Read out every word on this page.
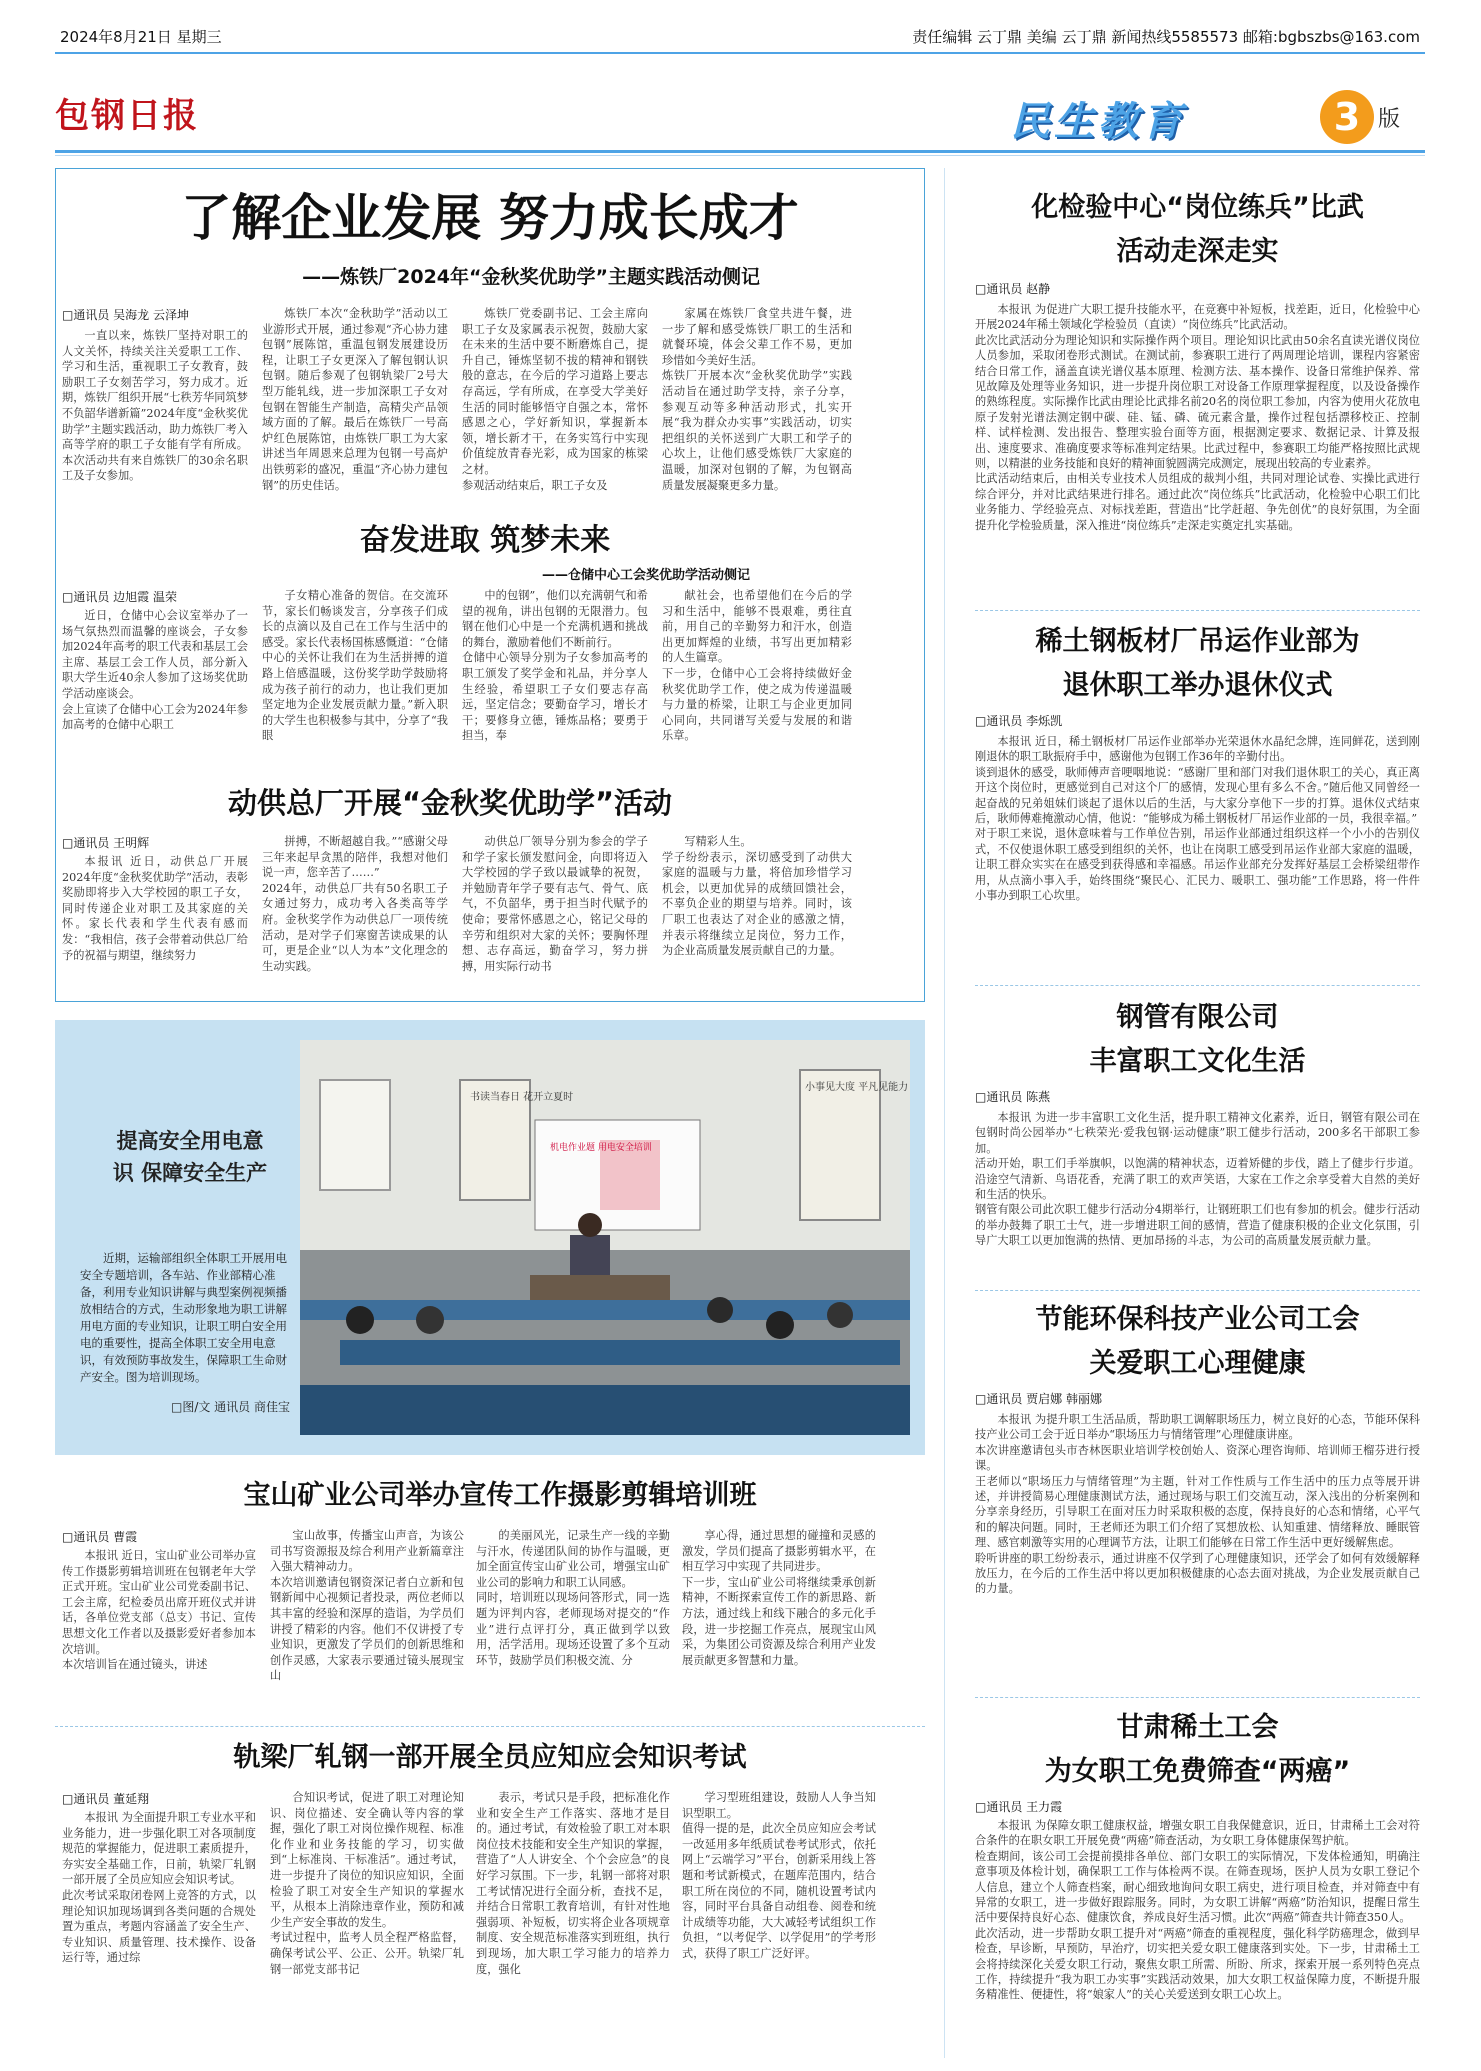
2024年8月21日 星期三	责任编辑 云丁鼎 美编 云丁鼎 新闻热线5585573 邮箱:bgbszbs@163.com
包钢日报	民生教育	3 版
了解企业发展 努力成长成才
——炼铁厂2024年“金秋奖优助学”主题实践活动侧记
□通讯员 吴海龙 云泽坤

一直以来，炼铁厂坚持对职工的人文关怀，持续关注关爱职工工作、学习和生活，重视职工子女教育，鼓励职工子女刻苦学习，努力成才。近期，炼铁厂组织开展“七秩芳华同筑梦 不负韶华谱新篇”2024年度“金秋奖优助学”主题实践活动，助力炼铁厂考入高等学府的职工子女能有学有所成。本次活动共有来自炼铁厂的30余名职工及子女参加。

炼铁厂本次“金秋助学”活动以工业游形式开展，通过参观“齐心协力建包钢”展陈馆，重温包钢发展建设历程，让职工子女更深入了解包钢认识包钢。随后参观了包钢轨梁厂2号大型万能轧线，进一步加深职工子女对包钢在智能生产制造，高精尖产品领域方面的了解。最后在炼铁厂一号高炉红色展陈馆，由炼铁厂职工为大家讲述当年周恩来总理为包钢一号高炉出铁剪彩的盛况，重温“齐心协力建包钢”的历史佳话。

炼铁厂党委副书记、工会主席向职工子女及家属表示祝贺，鼓励大家在未来的生活中要不断磨炼自己，提升自己，锤炼坚韧不拔的精神和钢铁般的意志，在今后的学习道路上要志存高远，学有所成，在享受大学美好生活的同时能够悟守自强之本，常怀感恩之心，学好新知识，掌握新本领，增长新才干，在务实笃行中实现价值绽放青春光彩，成为国家的栋梁之材。
参观活动结束后，职工子女及

家属在炼铁厂食堂共进午餐，进一步了解和感受炼铁厂职工的生活和就餐环境，体会父辈工作不易，更加珍惜如今美好生活。
炼铁厂开展本次“金秋奖优助学”实践活动旨在通过助学支持，亲子分享，参观互动等多种活动形式，扎实开展“我为群众办实事”实践活动，切实把组织的关怀送到广大职工和学子的心坎上，让他们感受炼铁厂大家庭的温暖，加深对包钢的了解，为包钢高质量发展凝聚更多力量。

奋发进取 筑梦未来
——仓储中心工会奖优助学活动侧记
□通讯员 边旭霞 温荣

近日，仓储中心会议室举办了一场气氛热烈而温馨的座谈会，子女参加2024年高考的职工代表和基层工会主席、基层工会工作人员，部分新入职大学生近40余人参加了这场奖优助学活动座谈会。
会上宣读了仓储中心工会为2024年参加高考的仓储中心职工

子女精心准备的贺信。在交流环节，家长们畅谈发言，分享孩子们成长的点滴以及自己在工作与生活中的感受。家长代表杨国栋感慨道：“仓储中心的关怀让我们在为生活拼搏的道路上倍感温暖，这份奖学助学鼓励将成为孩子前行的动力，也让我们更加坚定地为企业发展贡献力量。”新入职的大学生也积极参与其中，分享了“我眼

中的包钢”，他们以充满朝气和希望的视角，讲出包钢的无限潜力。包钢在他们心中是一个充满机遇和挑战的舞台，激励着他们不断前行。
仓储中心领导分别为子女参加高考的职工颁发了奖学金和礼品，并分享人生经验，希望职工子女们要志存高远，坚定信念；要勤奋学习，增长才干；要修身立德，锤炼品格；要勇于担当，奉

献社会，也希望他们在今后的学习和生活中，能够不畏艰难，勇往直前，用自己的辛勤努力和汗水，创造出更加辉煌的业绩，书写出更加精彩的人生篇章。
下一步，仓储中心工会将持续做好金秋奖优助学工作，使之成为传递温暖与力量的桥梁，让职工与企业更加同心同向，共同谱写关爱与发展的和谐乐章。

动供总厂开展“金秋奖优助学”活动
□通讯员 王明辉

本报讯 近日，动供总厂开展2024年度“金秋奖优助学”活动，表彰奖励即将步入大学校园的职工子女，同时传递企业对职工及其家庭的关怀。家长代表和学生代表有感而发：“我相信，孩子会带着动供总厂给予的祝福与期望，继续努力

拼搏，不断超越自我。”“感谢父母三年来起早贪黑的陪伴，我想对他们说一声，您辛苦了……”
2024年，动供总厂共有50名职工子女通过努力，成功考入各类高等学府。金秋奖学作为动供总厂一项传统活动，是对学子们寒窗苦读成果的认可，更是企业“以人为本”文化理念的生动实践。

动供总厂领导分别为参会的学子和学子家长颁发慰问金，向即将迈入大学校园的学子致以最诚挚的祝贺，并勉励青年学子要有志气、骨气、底气，不负韶华，勇于担当时代赋予的使命；要常怀感恩之心，铭记父母的辛劳和组织对大家的关怀；要胸怀理想、志存高远，勤奋学习，努力拼搏，用实际行动书

写精彩人生。
学子纷纷表示，深切感受到了动供大家庭的温暖与力量，将倍加珍惜学习机会，以更加优异的成绩回馈社会，不辜负企业的期望与培养。同时，该厂职工也表达了对企业的感激之情，并表示将继续立足岗位，努力工作，为企业高质量发展贡献自己的力量。

提高安全用电意识 保障安全生产
近期，运输部组织全体职工开展用电安全专题培训，各车站、作业部精心准备，利用专业知识讲解与典型案例视频播放相结合的方式，生动形象地为职工讲解用电方面的专业知识，让职工明白安全用电的重要性，提高全体职工安全用电意识，有效预防事故发生，保障职工生命财产安全。图为培训现场。
□图/文 通讯员 商佳宝
机电作业题 用电安全培训
书读当春日 花开立夏时
小事见大度 平凡见能力
宝山矿业公司举办宣传工作摄影剪辑培训班
□通讯员 曹霞

本报讯 近日，宝山矿业公司举办宣传工作摄影剪辑培训班在包钢老年大学正式开班。宝山矿业公司党委副书记、工会主席，纪检委员出席开班仪式并讲话，各单位党支部（总支）书记、宣传思想文化工作者以及摄影爱好者参加本次培训。
本次培训旨在通过镜头，讲述

宝山故事，传播宝山声音，为该公司书写资源报及综合利用产业新篇章注入强大精神动力。
本次培训邀请包钢资深记者白立新和包钢新闻中心视频记者投录，两位老师以其丰富的经验和深厚的造诣，为学员们讲授了精彩的内容。他们不仅讲授了专业知识，更激发了学员们的创新思维和创作灵感，大家表示要通过镜头展现宝山

的美丽风光，记录生产一线的辛勤与汗水，传递团队间的协作与温暖，更加全面宣传宝山矿业公司，增强宝山矿业公司的影响力和职工认同感。
同时，培训班以现场问答形式，同一选题为评判内容，老师现场对提交的“作业”进行点评打分，真正做到学以致用，活学活用。现场还设置了多个互动环节，鼓励学员们积极交流、分

享心得，通过思想的碰撞和灵感的激发，学员们提高了摄影剪辑水平，在相互学习中实现了共同进步。
下一步，宝山矿业公司将继续秉承创新精神，不断探索宣传工作的新思路、新方法，通过线上和线下融合的多元化手段，进一步挖掘工作亮点，展现宝山风采，为集团公司资源及综合利用产业发展贡献更多智慧和力量。

轨梁厂轧钢一部开展全员应知应会知识考试
□通讯员 董延翔

本报讯 为全面提升职工专业水平和业务能力，进一步强化职工对各项制度规范的掌握能力，促进职工素质提升，夯实安全基础工作，日前，轨梁厂轧钢一部开展了全员应知应会知识考试。
此次考试采取闭卷网上竞答的方式，以理论知识加现场调到各类问题的合规处置为重点，考题内容涵盖了安全生产、专业知识、质量管理、技术操作、设备运行等，通过综

合知识考试，促进了职工对理论知识、岗位描述、安全确认等内容的掌握，强化了职工对岗位操作规程、标准化作业和业务技能的学习，切实做到“上标准岗、干标准活”。通过考试，进一步提升了岗位的知识应知识，全面检验了职工对安全生产知识的掌握水平，从根本上消除违章作业，预防和减少生产安全事故的发生。
考试过程中，监考人员全程严格监督，确保考试公平、公正、公开。轨梁厂轧钢一部党支部书记

表示，考试只是手段，把标准化作业和安全生产工作落实、落地才是目的。通过考试，有效检验了职工对本职岗位技术技能和安全生产知识的掌握，营造了“人人讲安全、个个会应急”的良好学习氛围。下一步，轧钢一部将对职工考试情况进行全面分析，查找不足，并结合日常职工教育培训，有针对性地强弱项、补短板，切实将企业各项规章制度、安全规范标准落实到班组，执行到现场，加大职工学习能力的培养力度，强化

学习型班组建设，鼓励人人争当知识型职工。
值得一提的是，此次全员应知应会考试一改延用多年纸质试卷考试形式，依托网上“云端学习”平台，创新采用线上答题和考试新模式，在题库范围内，结合职工所在岗位的不同，随机设置考试内容，同时平台具备自动组卷、阅卷和统计成绩等功能，大大减轻考试组织工作负担，“以考促学、以学促用”的学考形式，获得了职工广泛好评。

化检验中心“岗位练兵”比武
活动走深走实
□通讯员 赵静

本报讯 为促进广大职工提升技能水平，在竞赛中补短板，找差距，近日，化检验中心开展2024年稀土领域化学检验员（直读）“岗位练兵”比武活动。
此次比武活动分为理论知识和实际操作两个项目。理论知识比武由50余名直读光谱仪岗位人员参加，采取闭卷形式测试。在测试前，参赛职工进行了两周理论培训，课程内容紧密结合日常工作，涵盖直读光谱仪基本原理、检测方法、基本操作、设备日常维护保养、常见故障及处理等业务知识，进一步提升岗位职工对设备工作原理掌握程度，以及设备操作的熟练程度。实际操作比武由理论比武排名前20名的岗位职工参加，内容为使用火花放电原子发射光谱法测定钢中碳、硅、锰、磷、硫元素含量，操作过程包括漂移校正、控制样、试样检测、发出报告、整理实验台面等方面，根据测定要求、数据记录、计算及报出、速度要求、准确度要求等标准判定结果。比武过程中，参赛职工均能严格按照比武规则，以精湛的业务技能和良好的精神面貌圆满完成测定，展现出较高的专业素养。
比武活动结束后，由相关专业技术人员组成的裁判小组，共同对理论试卷、实操比武进行综合评分，并对比武结果进行排名。通过此次“岗位练兵”比武活动，化检验中心职工们比业务能力、学经验亮点、对标找差距，营造出“比学赶超、争先创优”的良好氛围，为全面提升化学检验质量，深入推进“岗位练兵”走深走实奠定扎实基础。

稀土钢板材厂吊运作业部为
退休职工举办退休仪式
□通讯员 李烁凯

本报讯 近日，稀土钢板材厂吊运作业部举办光荣退休水晶纪念牌，连同鲜花，送到刚刚退休的职工耿振府手中，感谢他为包钢工作36年的辛勤付出。
谈到退休的感受，耿师傅声音哽咽地说：“感谢厂里和部门对我们退休职工的关心，真正离开这个岗位时，更感觉到自己对这个厂的感情，发现心里有多么不舍。”随后他又同曾经一起奋战的兄弟姐妹们谈起了退休以后的生活，与大家分享他下一步的打算。退休仪式结束后，耿师傅难掩激动心情，他说：“能够成为稀土钢板材厂吊运作业部的一员，我很幸福。”
对于职工来说，退休意味着与工作单位告别，吊运作业部通过组织这样一个小小的告别仪式，不仅使退休职工感受到组织的关怀，也让在岗职工感受到吊运作业部大家庭的温暖，让职工群众实实在在感受到获得感和幸福感。吊运作业部充分发挥好基层工会桥梁纽带作用，从点滴小事入手，始终围绕“聚民心、汇民力、暖职工、强功能”工作思路，将一件件小事办到职工心坎里。

钢管有限公司
丰富职工文化生活
□通讯员 陈燕

本报讯 为进一步丰富职工文化生活，提升职工精神文化素养，近日，钢管有限公司在包钢时尚公园举办“七秩荣光·爱我包钢·运动健康”职工健步行活动，200多名干部职工参加。
活动开始，职工们手举旗帜，以饱满的精神状态，迈着矫健的步伐，踏上了健步行步道。沿途空气清新、鸟语花香，充满了职工的欢声笑语，大家在工作之余享受着大自然的美好和生活的快乐。
钢管有限公司此次职工健步行活动分4期举行，让钢班职工们也有参加的机会。健步行活动的举办鼓舞了职工士气，进一步增进职工间的感情，营造了健康积极的企业文化氛围，引导广大职工以更加饱满的热情、更加昂扬的斗志，为公司的高质量发展贡献力量。

节能环保科技产业公司工会
关爱职工心理健康
□通讯员 贾启娜 韩丽娜

本报讯 为提升职工生活品质，帮助职工调解职场压力，树立良好的心态，节能环保科技产业公司工会于近日举办“职场压力与情绪管理”心理健康讲座。
本次讲座邀请包头市杏林医职业培训学校创始人、资深心理咨询师、培训师王榴芬进行授课。
王老师以“职场压力与情绪管理”为主题，针对工作性质与工作生活中的压力点等展开讲述，并讲授简易心理健康测试方法，通过现场与职工们交流互动，深入浅出的分析案例和分享亲身经历，引导职工在面对压力时采取积极的态度，保持良好的心态和情绪，心平气和的解决问题。同时，王老师还为职工们介绍了冥想放松、认知重建、情绪释放、睡眠管理、感官刺激等实用的心理调节方法，让职工们能够在日常工作生活中更好缓解焦虑。
聆听讲座的职工纷纷表示，通过讲座不仅学到了心理健康知识，还学会了如何有效缓解释放压力，在今后的工作生活中将以更加积极健康的心态去面对挑战，为企业发展贡献自己的力量。

甘肃稀土工会
为女职工免费筛查“两癌”
□通讯员 王力霞

本报讯 为保障女职工健康权益，增强女职工自我保健意识，近日，甘肃稀土工会对符合条件的在职女职工开展免费“两癌”筛查活动，为女职工身体健康保驾护航。
检查期间，该公司工会提前摸排各单位、部门女职工的实际情况，下发体检通知，明确注意事项及体检计划，确保职工工作与体检两不误。在筛查现场，医护人员为女职工登记个人信息，建立个人筛查档案，耐心细致地询问女职工病史，进行项目检查，并对筛查中有异常的女职工，进一步做好跟踪服务。同时，为女职工讲解“两癌”防治知识，提醒日常生活中要保持良好心态、健康饮食，养成良好生活习惯。此次“两癌”筛查共计筛查350人。
此次活动，进一步帮助女职工提升对“两癌”筛查的重视程度，强化科学防癌理念，做到早检查，早诊断，早预防，早治疗，切实把关爱女职工健康落到实处。下一步，甘肃稀土工会将持续深化关爱女职工行动，聚焦女职工所需、所盼、所求，探索开展一系列特色亮点工作，持续提升“我为职工办实事”实践活动效果，加大女职工权益保障力度，不断提升服务精准性、便捷性，将“娘家人”的关心关爱送到女职工心坎上。
